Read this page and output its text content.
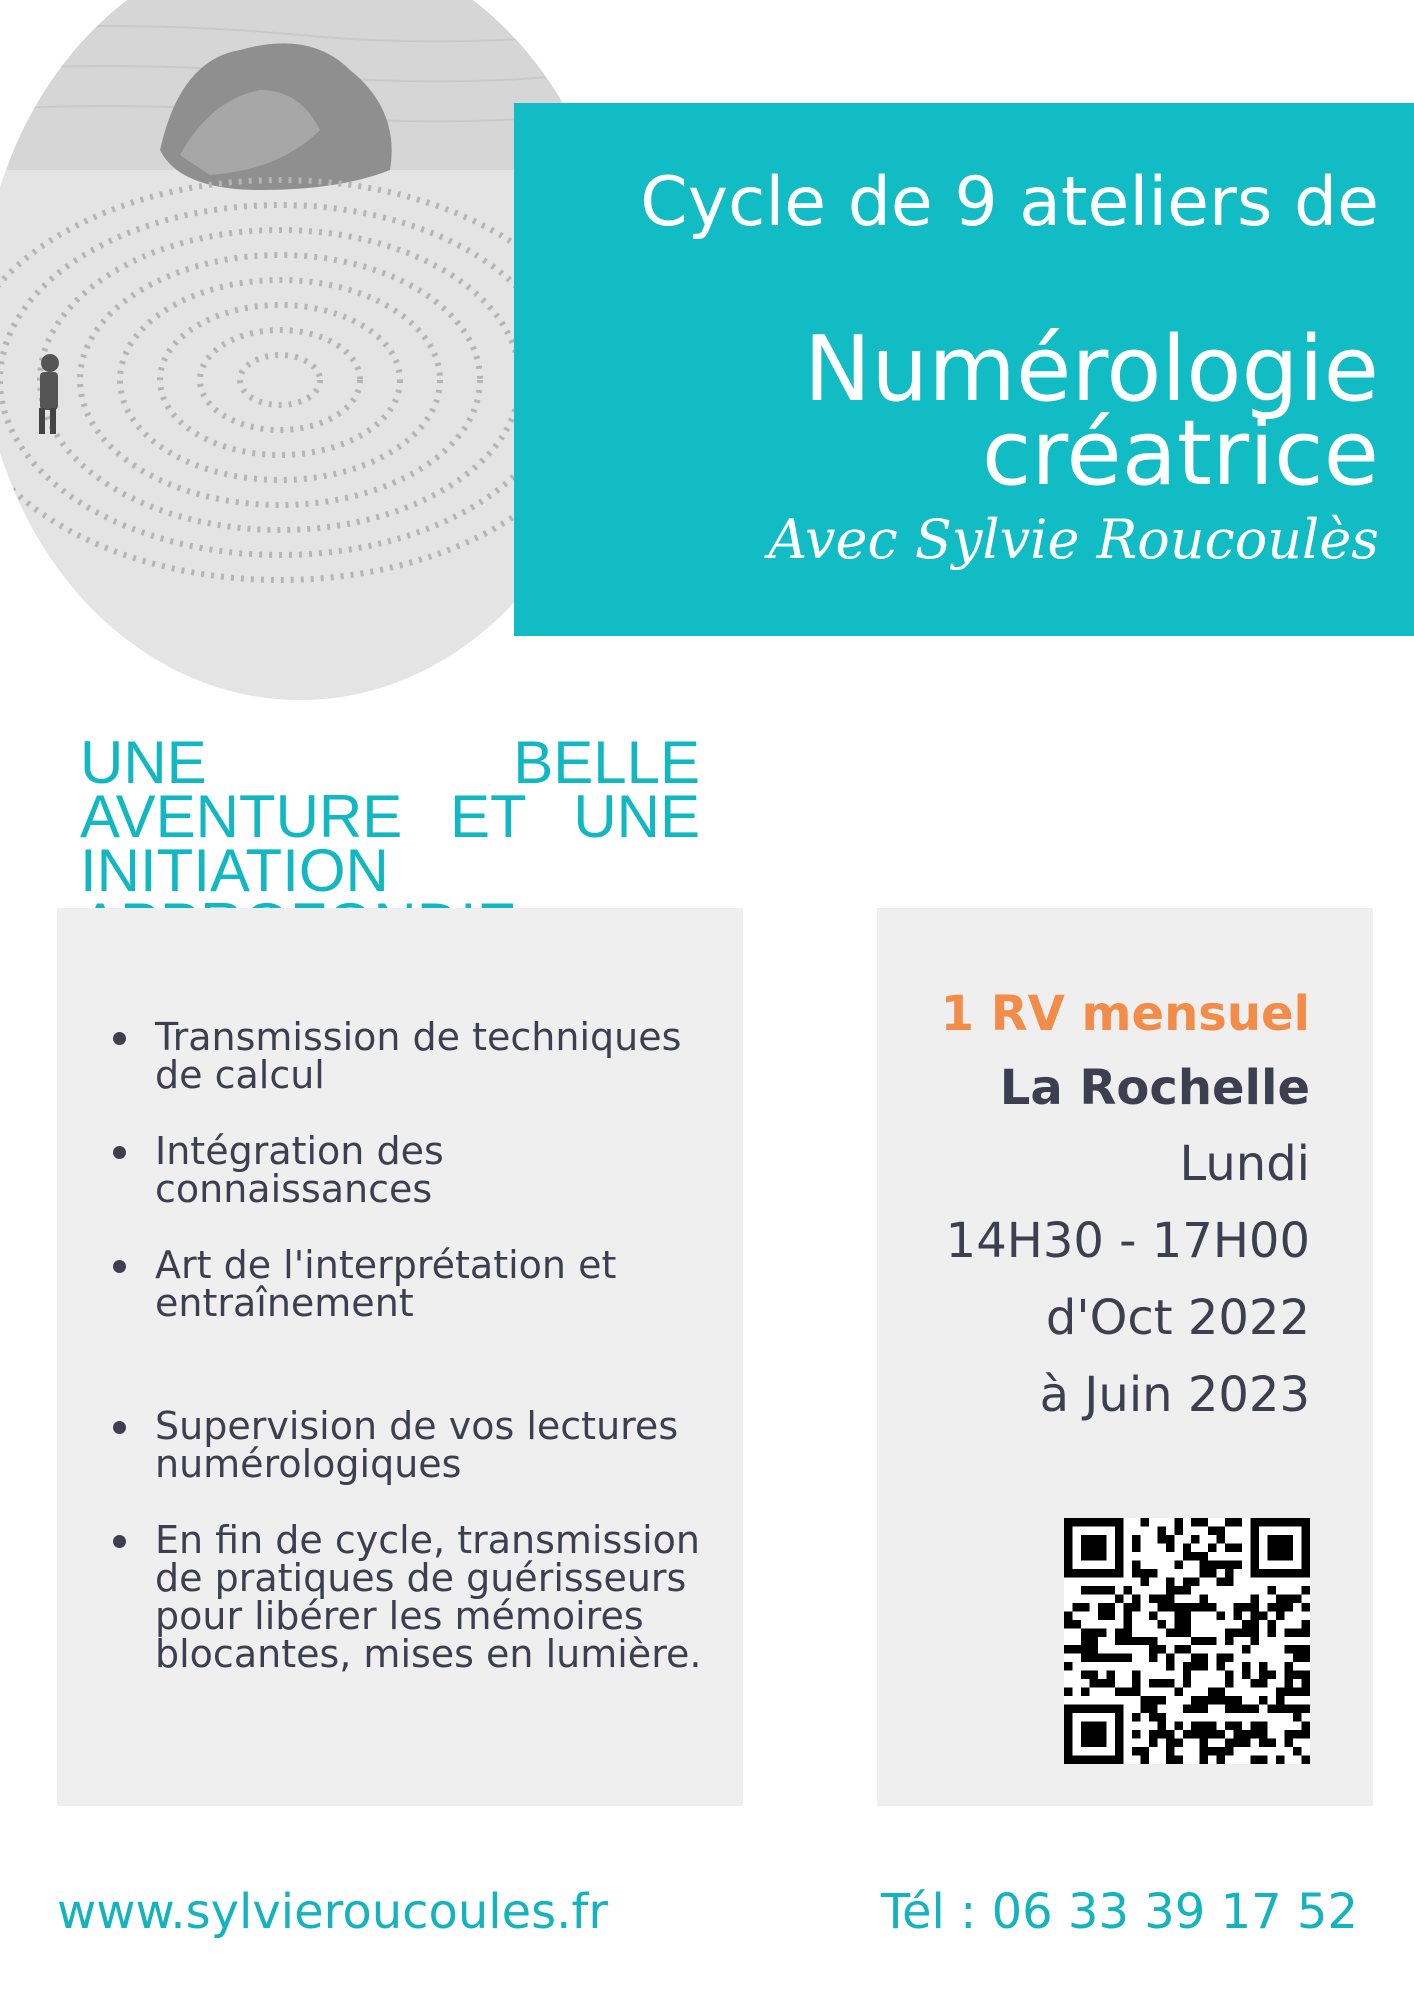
Cycle de 9 ateliers de
Numérologie
créatrice
Avec Sylvie Roucoulès
UNE BELLE AVENTURE ET UNE INITIATION
Transmission de techniques de calcul
Intégration des connaissances
Art de l'interprétation et entraînement
Supervision de vos lectures numérologiques
En fin de cycle, transmission de pratiques de guérisseurs pour libérer les mémoires blocantes, mises en lumière.
1 RV mensuel
La Rochelle
Lundi
14H30 - 17H00
d'Oct 2022
à Juin 2023
www.sylvieroucoules.fr	Tél : 06 33 39 17 52
